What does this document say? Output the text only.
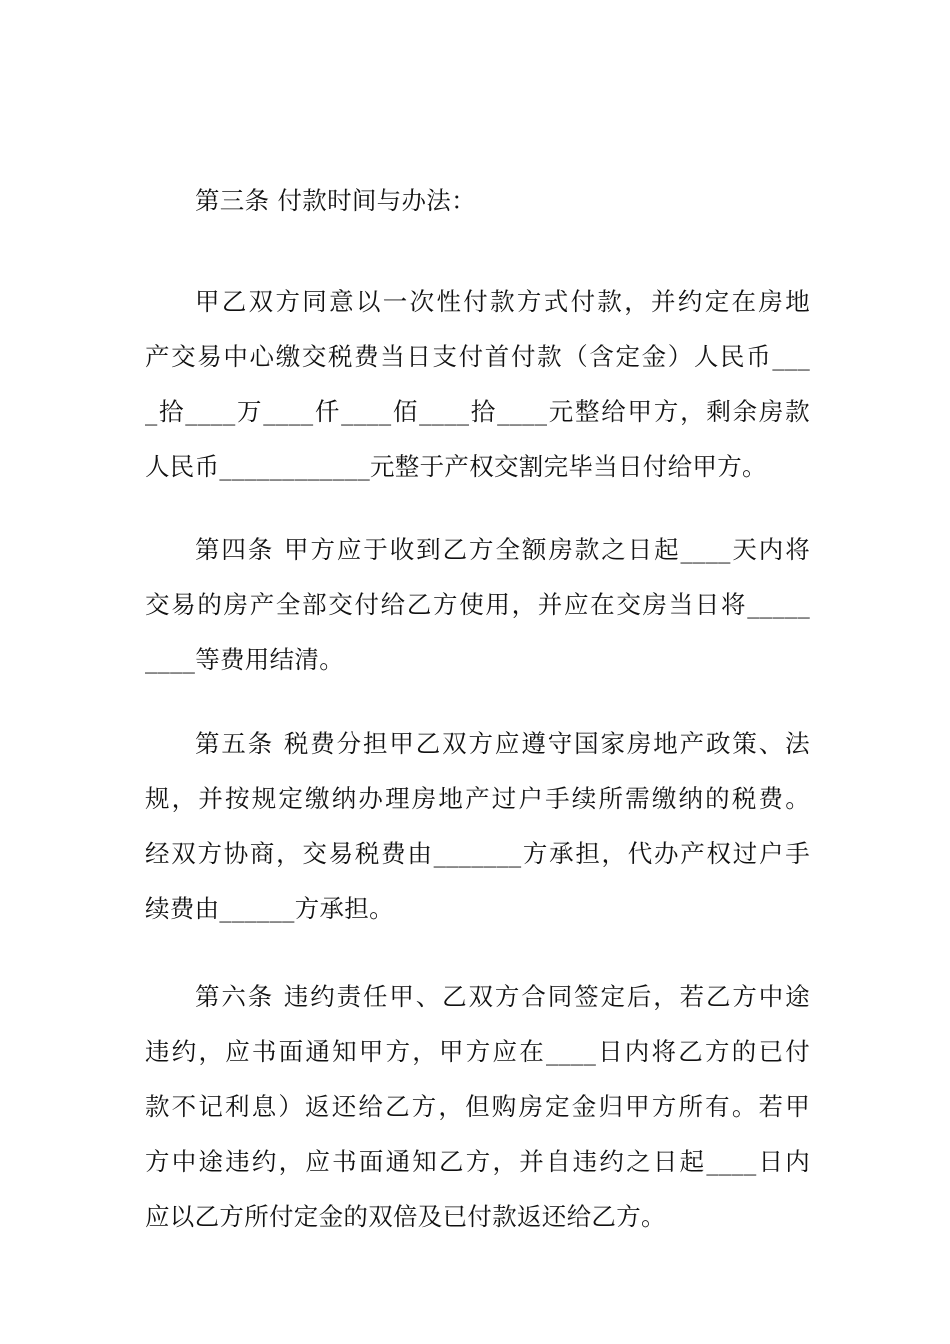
第三条 付款时间与办法：

甲乙双方同意以一次性付款方式付款，并约定在房地
产交易中心缴交税费当日支付首付款（含定金）人民币___
_拾____万____仟____佰____拾____元整给甲方，剩余房款
人民币____________元整于产权交割完毕当日付给甲方。

第四条 甲方应于收到乙方全额房款之日起____天内将
交易的房产全部交付给乙方使用，并应在交房当日将_____
____等费用结清。

第五条 税费分担甲乙双方应遵守国家房地产政策、法
规，并按规定缴纳办理房地产过户手续所需缴纳的税费。
经双方协商，交易税费由_______方承担，代办产权过户手
续费由______方承担。

第六条 违约责任甲、乙双方合同签定后，若乙方中途
违约，应书面通知甲方，甲方应在____日内将乙方的已付
款不记利息）返还给乙方，但购房定金归甲方所有。若甲
方中途违约，应书面通知乙方，并自违约之日起____日内
应以乙方所付定金的双倍及已付款返还给乙方。
